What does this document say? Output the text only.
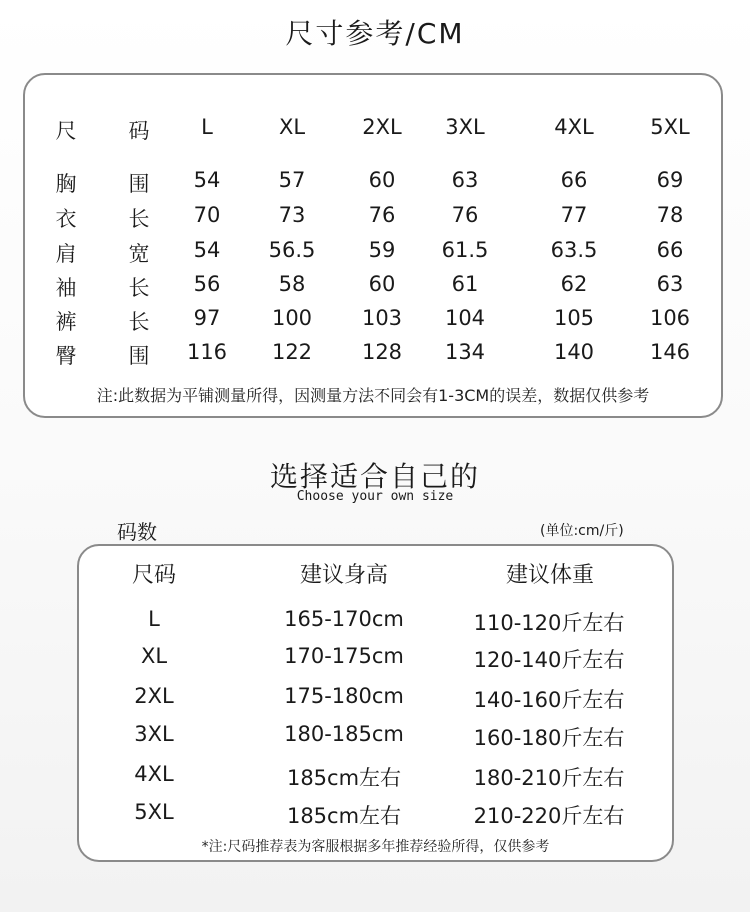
尺寸参考/CM
尺 码	L	XL	2XL	3XL	4XL	5XL
胸 围	54	57	60	63	66	69
衣 长	70	73	76	76	77	78
肩 宽	54	56.5	59	61.5	63.5	66
袖 长	56	58	60	61	62	63
裤 长	97	100	103	104	105	106
臀 围	116	122	128	134	140	146
注:此数据为平铺测量所得，因测量方法不同会有1-3CM的误差，数据仅供参考
选择适合自己的
Choose your own size
码数	(单位:cm/斤)
尺码	建议身高	建议体重
L	165-170cm	110-120斤左右
XL	170-175cm	120-140斤左右
2XL	175-180cm	140-160斤左右
3XL	180-185cm	160-180斤左右
4XL	185cm左右	180-210斤左右
5XL	185cm左右	210-220斤左右
*注:尺码推荐表为客服根据多年推荐经验所得，仅供参考
